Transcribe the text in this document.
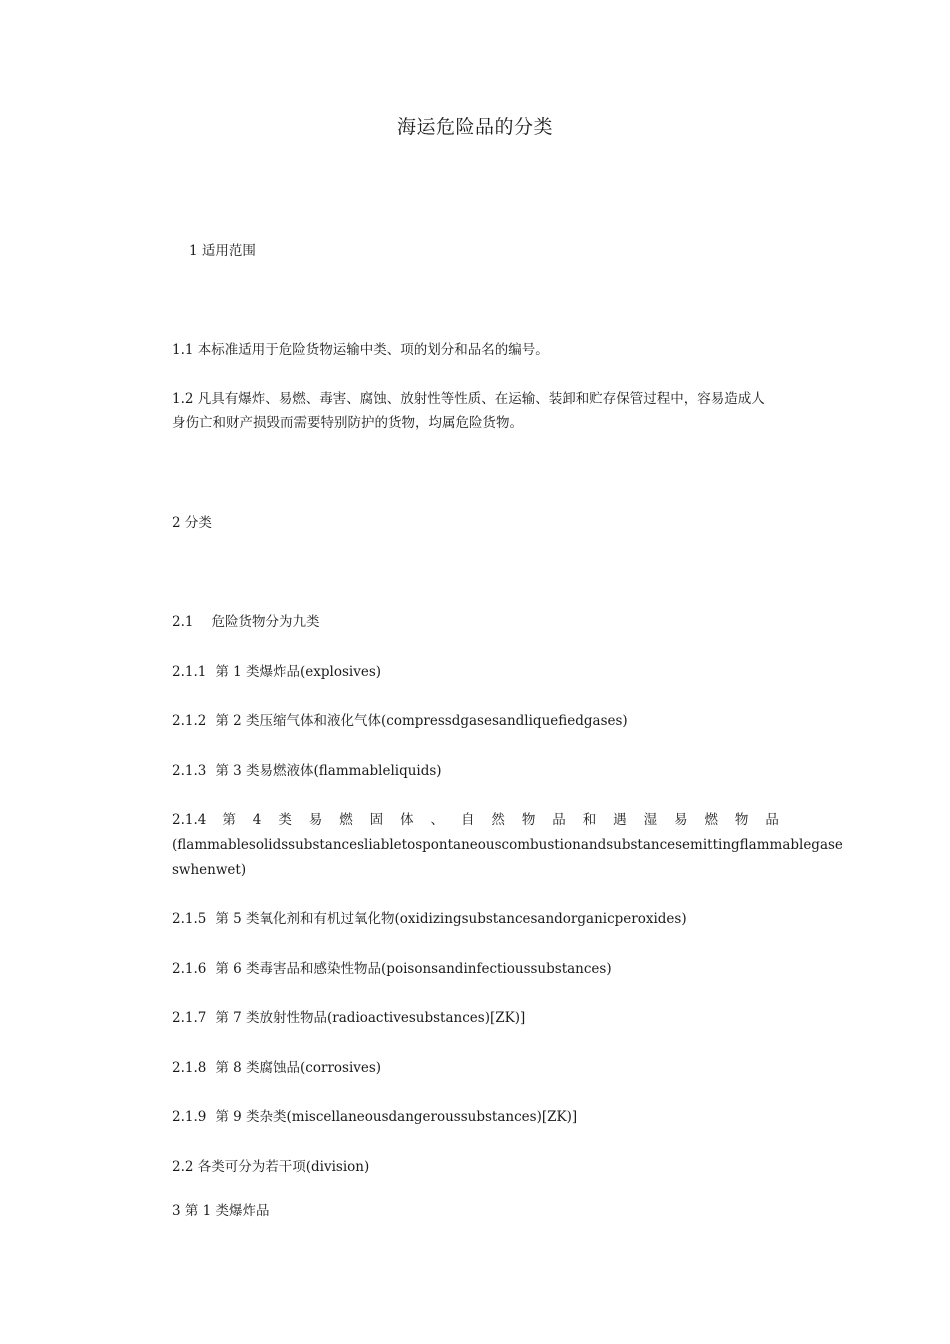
海运危险品的分类
1 适用范围
1.1 本标准适用于危险货物运输中类、项的划分和品名的编号。
1.2 凡具有爆炸、易燃、毒害、腐蚀、放射性等性质、在运输、装卸和贮存保管过程中，容易造成人
身伤亡和财产损毁而需要特别防护的货物，均属危险货物。
2 分类
2.1 危险货物分为九类
2.1.1 第 1 类爆炸品(explosives)
2.1.2 第 2 类压缩气体和液化气体(compressdgasesandliquefiedgases)
2.1.3 第 3 类易燃液体(flammableliquids)
2.1.4 第 4 类 易 燃 固 体 、 自 然 物 品 和 遇 湿 易 燃 物 品
(flammablesolidssubstancesliabletospontaneouscombustionandsubstancesemittingflammablegase
swhenwet)
2.1.5 第 5 类氧化剂和有机过氧化物(oxidizingsubstancesandorganicperoxides)
2.1.6 第 6 类毒害品和感染性物品(poisonsandinfectioussubstances)
2.1.7 第 7 类放射性物品(radioactivesubstances)[ZK)]
2.1.8 第 8 类腐蚀品(corrosives)
2.1.9 第 9 类杂类(miscellaneousdangeroussubstances)[ZK)]
2.2 各类可分为若干项(division)
3 第 1 类爆炸品
